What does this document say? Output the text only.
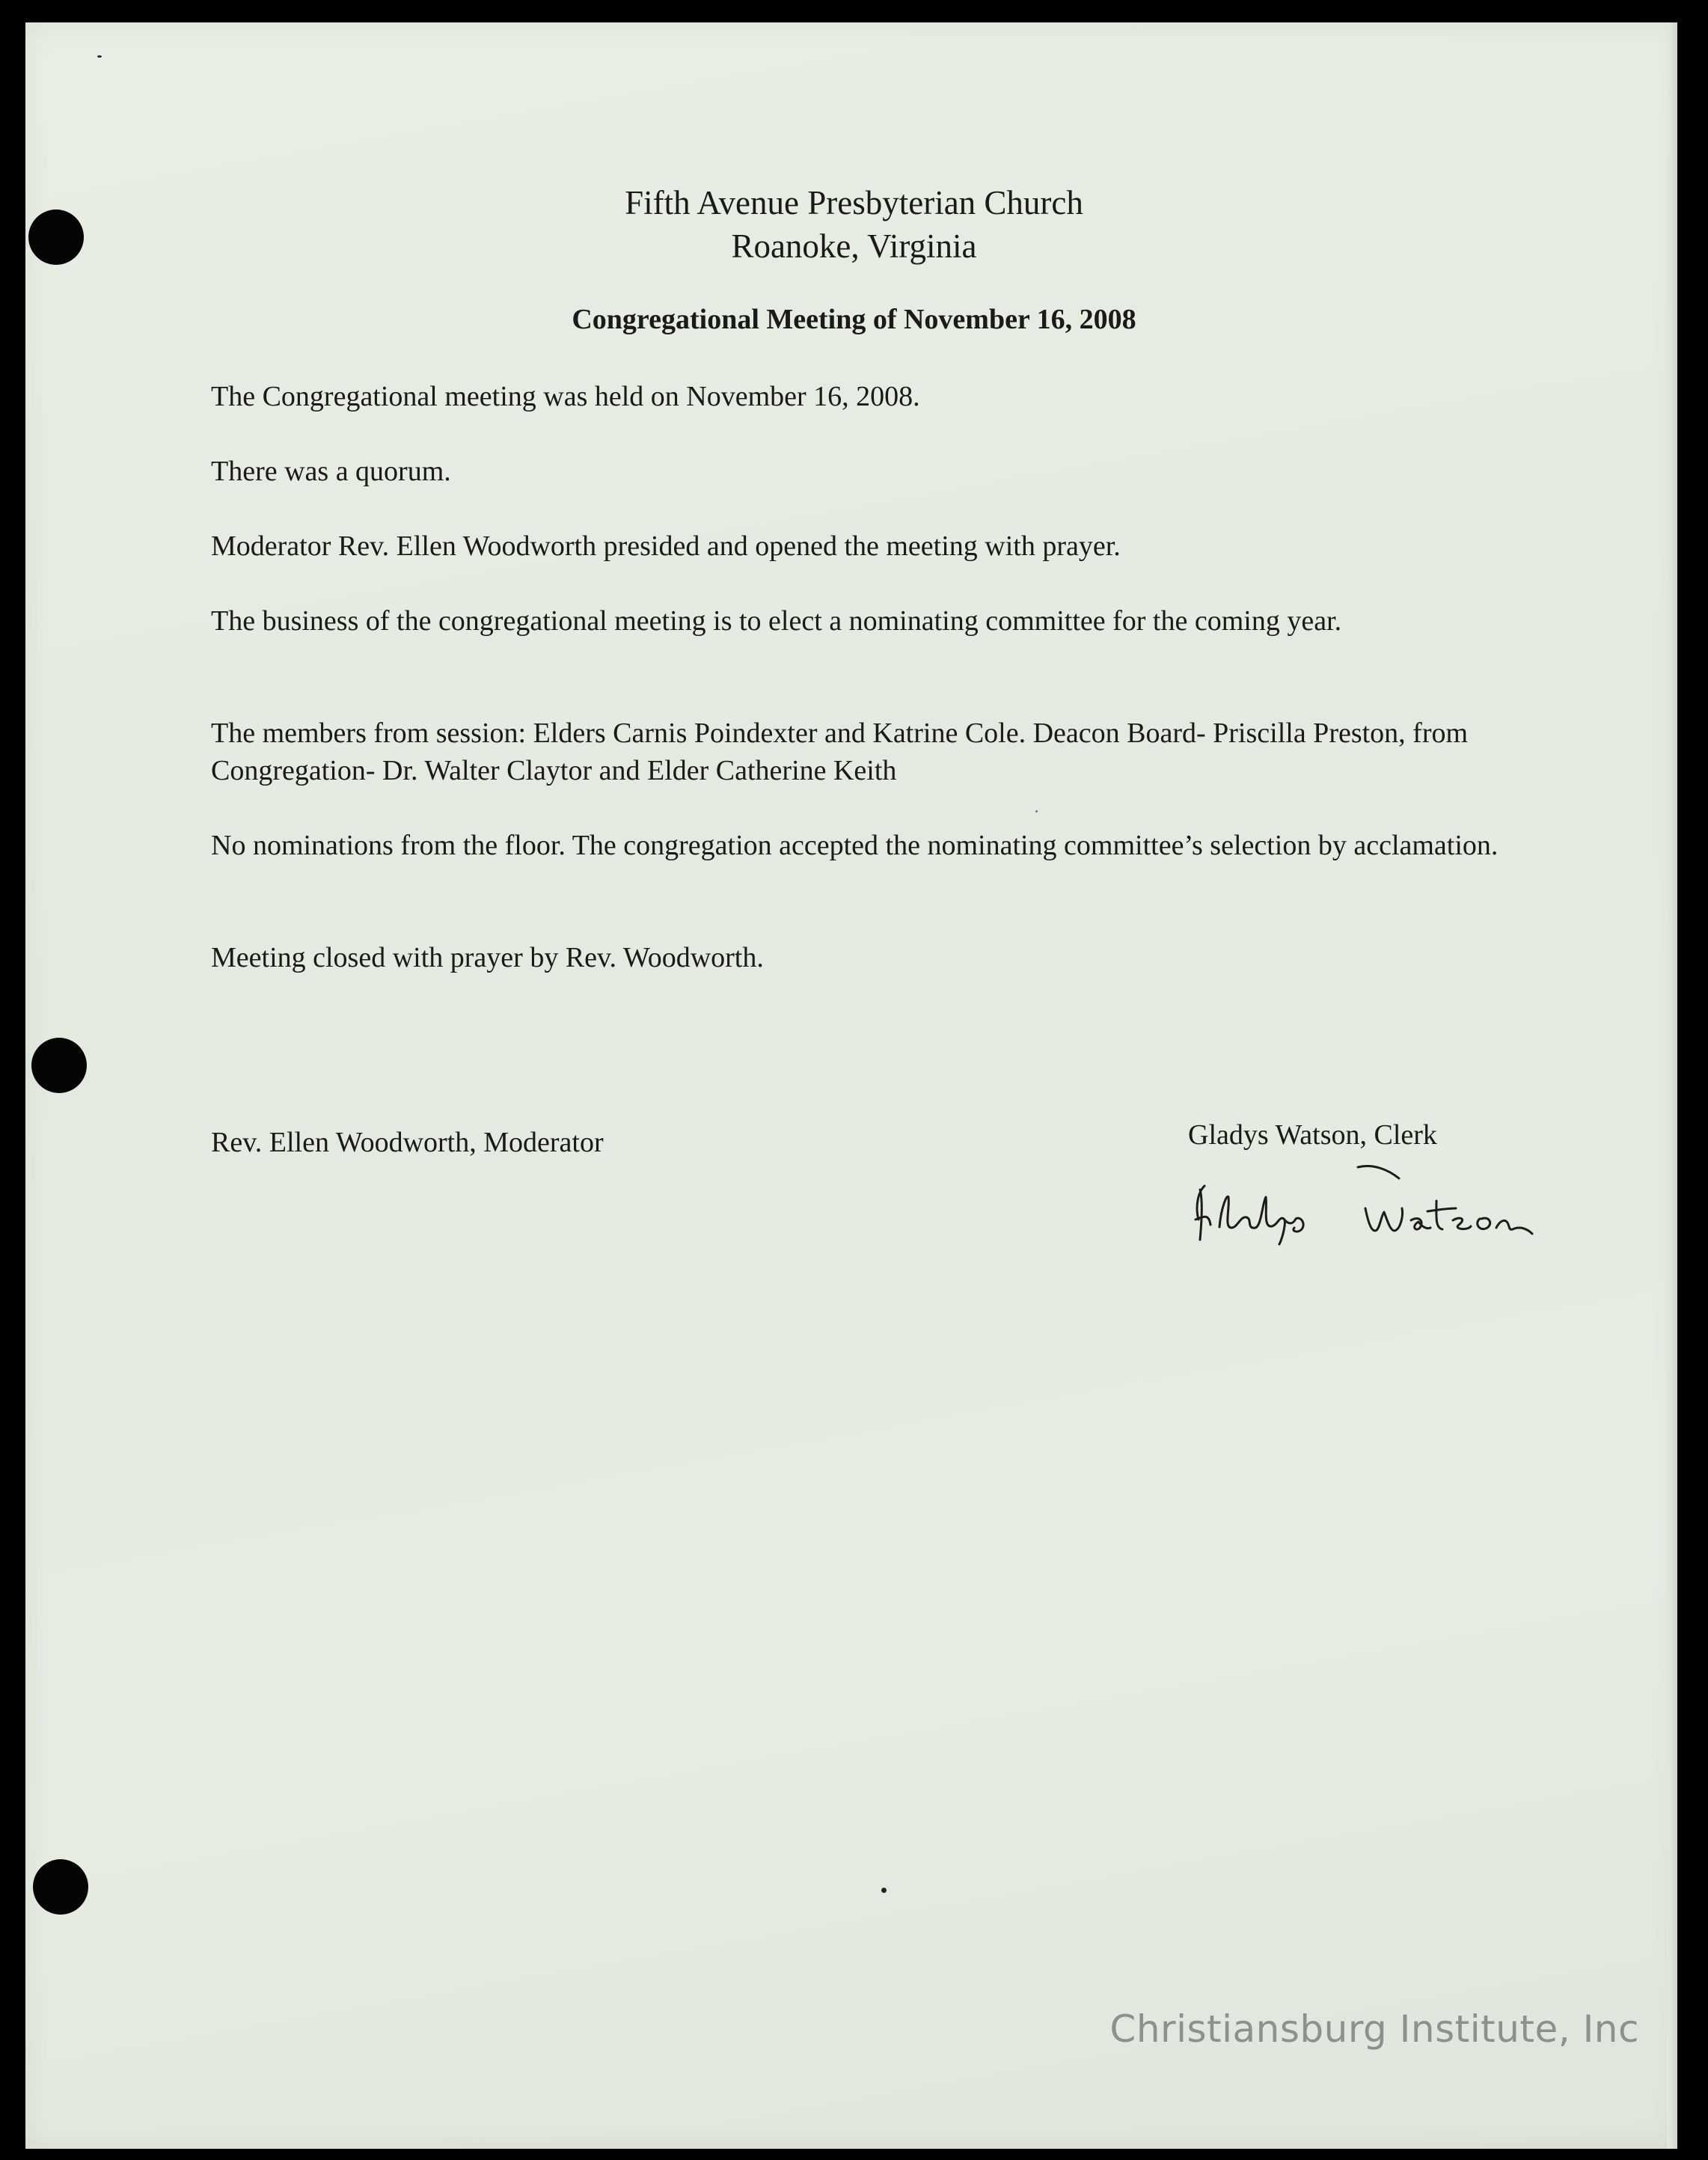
Fifth Avenue Presbyterian Church
Roanoke, Virginia
Congregational Meeting of November 16, 2008

The Congregational meeting was held on November 16, 2008.

There was a quorum.

Moderator Rev. Ellen Woodworth presided and opened the meeting with prayer.

The business of the congregational meeting is to elect a nominating committee for the coming year.

The members from session: Elders Carnis Poindexter and Katrine Cole. Deacon Board- Priscilla Preston, from Congregation- Dr. Walter Claytor and Elder Catherine Keith

No nominations from the floor. The congregation accepted the nominating committee’s selection by acclamation.

Meeting closed with prayer by Rev. Woodworth.

Rev. Ellen Woodworth, Moderator	Gladys Watson, Clerk
Christiansburg Institute, Inc
